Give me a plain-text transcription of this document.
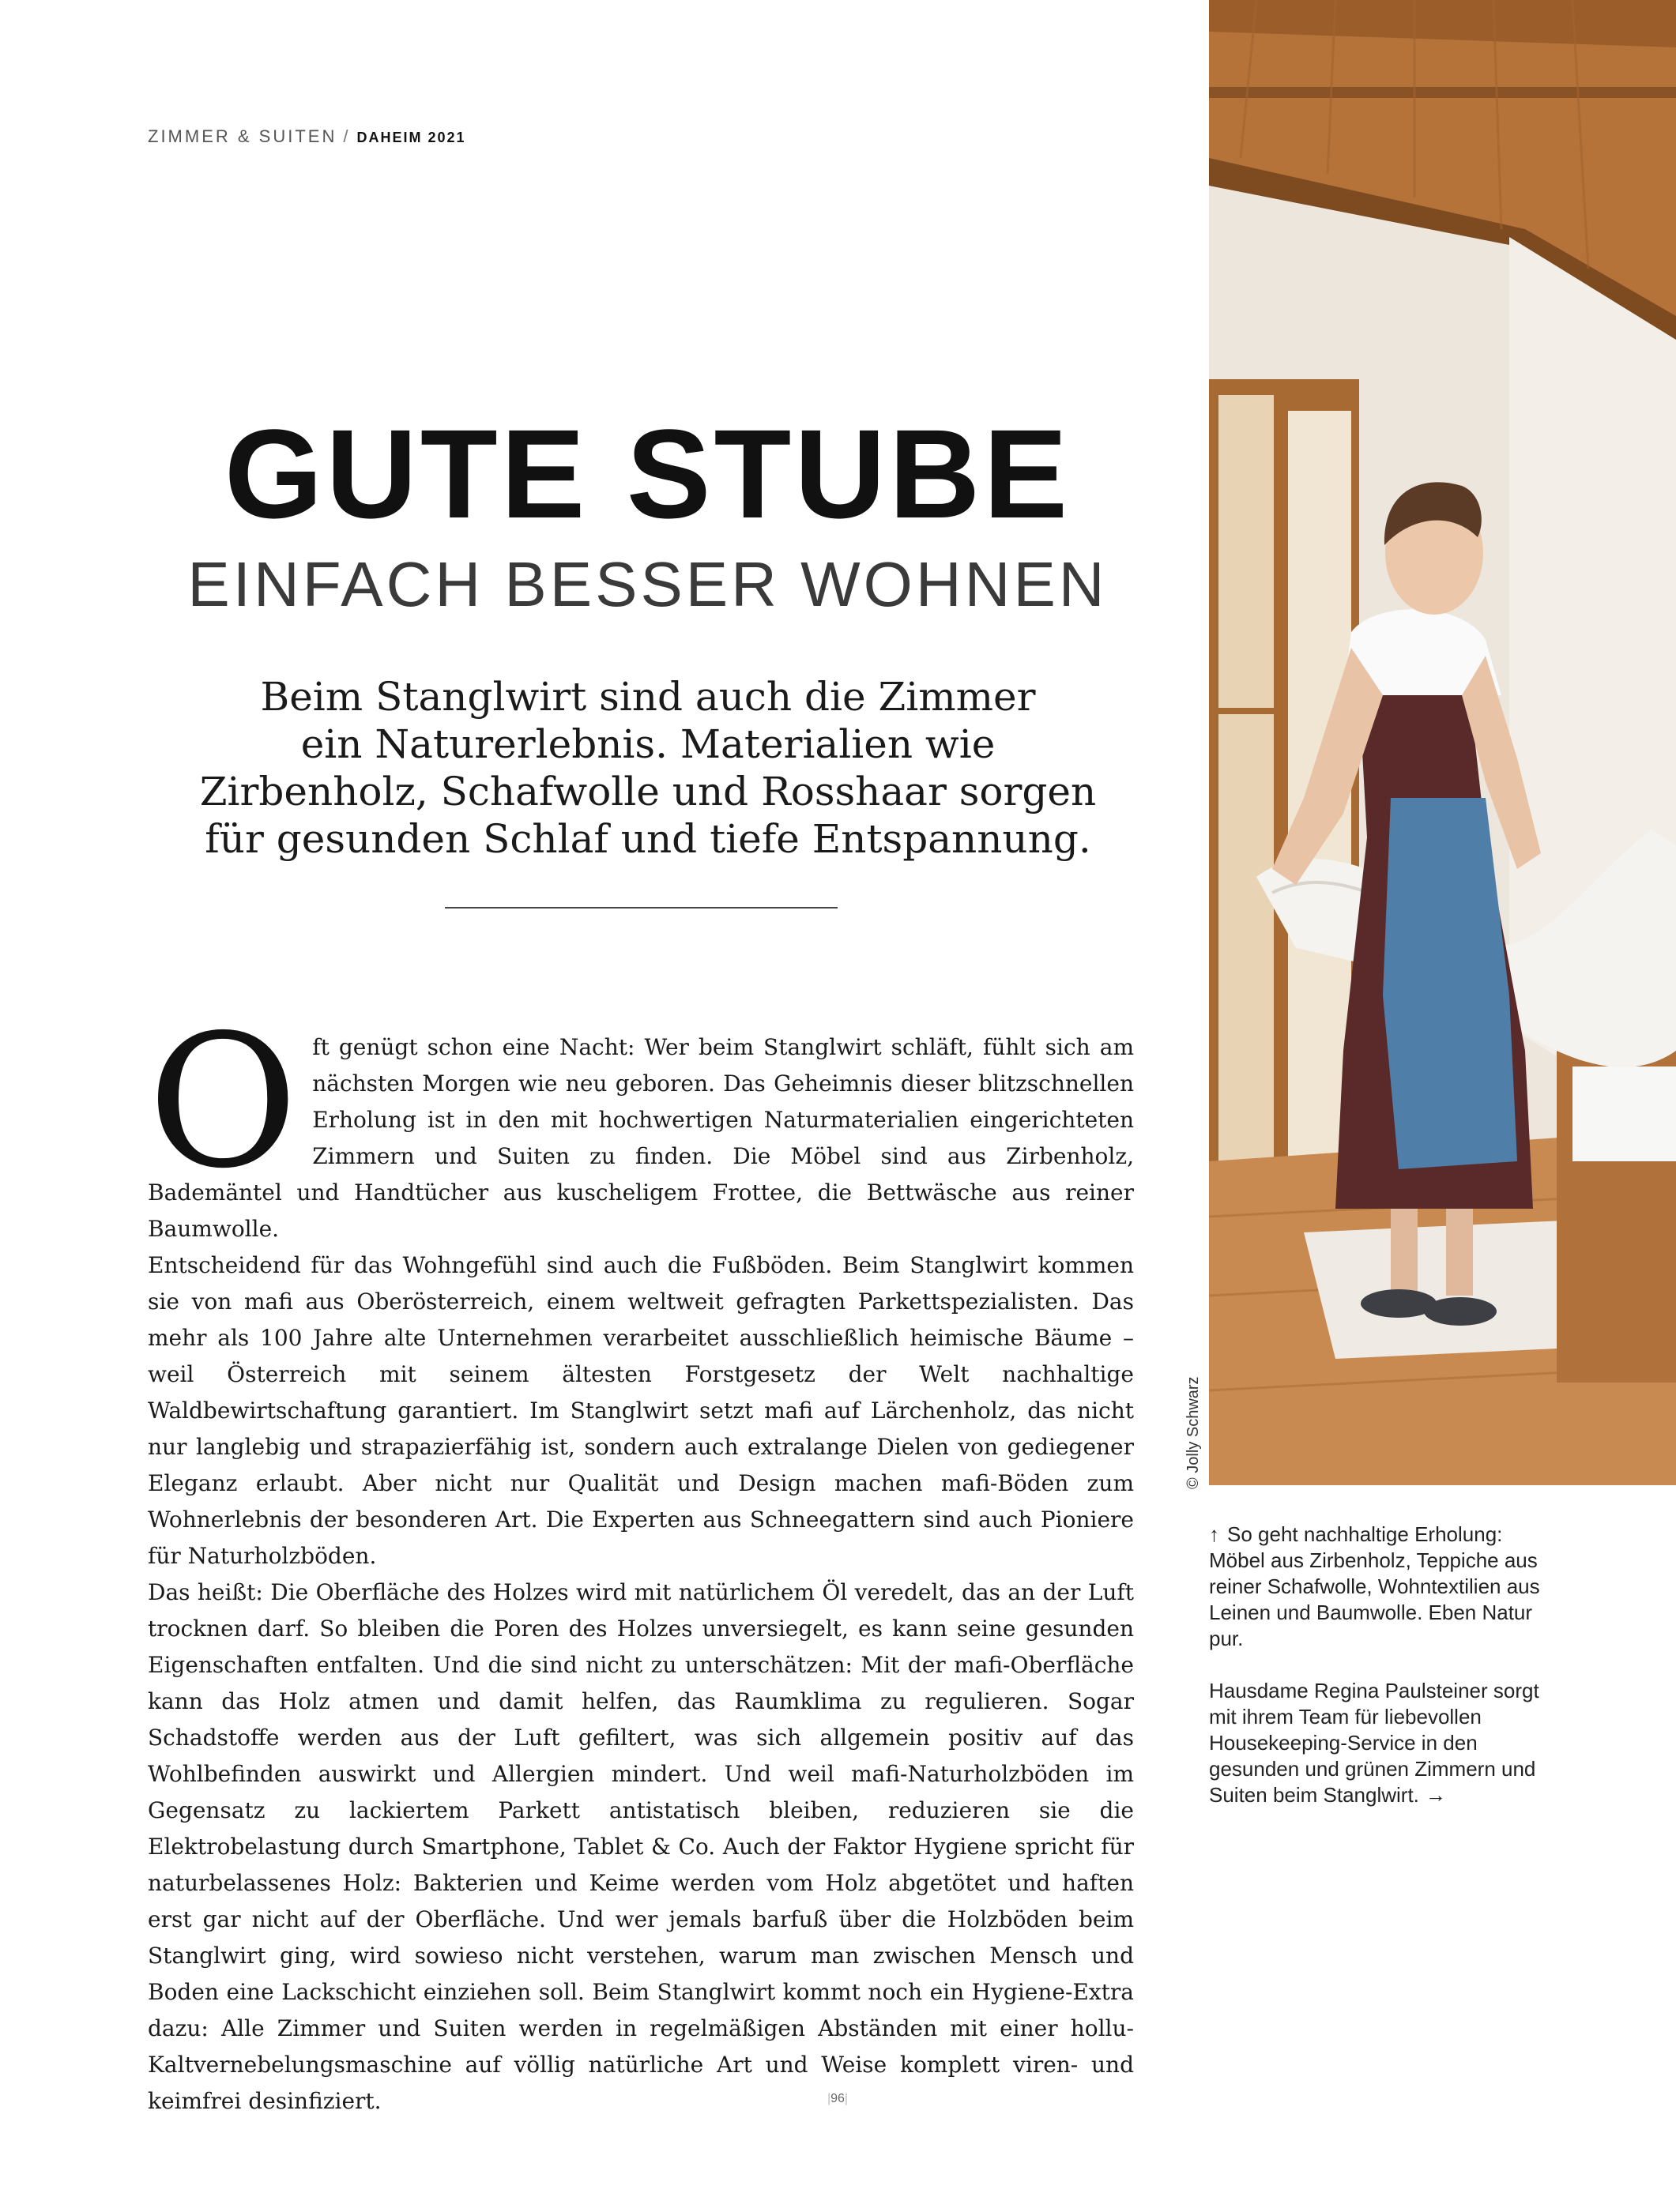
ZIMMER & SUITEN / DAHEIM 2021
GUTE STUBE
EINFACH BESSER WOHNEN
Beim Stanglwirt sind auch die Zimmer
ein Naturerlebnis. Materialien wie
Zirbenholz, Schafwolle und Rosshaar sorgen
für gesunden Schlaf und tiefe Entspannung.
O ft genügt schon eine Nacht: Wer beim Stanglwirt schläft, fühlt sich am nächsten Morgen wie neu geboren. Das Geheimnis dieser blitzschnellen Erholung ist in den mit hochwertigen Naturmaterialien eingerichteten Zimmern und Suiten zu finden. Die Möbel sind aus Zirbenholz, Bademäntel und Handtücher aus kuscheligem Frottee, die Bettwäsche aus reiner Baumwolle.

Entscheidend für das Wohngefühl sind auch die Fußböden. Beim Stanglwirt kommen sie von mafi aus Oberösterreich, einem weltweit gefragten Parkettspezialisten. Das mehr als 100 Jahre alte Unternehmen verarbeitet ausschließlich heimische Bäume – weil Österreich mit seinem ältesten Forstgesetz der Welt nachhaltige Waldbewirtschaftung garantiert. Im Stanglwirt setzt mafi auf Lärchenholz, das nicht nur langlebig und strapazierfähig ist, sondern auch extralange Dielen von gediegener Eleganz erlaubt. Aber nicht nur Qualität und Design machen mafi-Böden zum Wohnerlebnis der besonderen Art. Die Experten aus Schneegattern sind auch Pioniere für Naturholzböden.

Das heißt: Die Oberfläche des Holzes wird mit natürlichem Öl veredelt, das an der Luft trocknen darf. So bleiben die Poren des Holzes unversiegelt, es kann seine gesunden Eigenschaften entfalten. Und die sind nicht zu unterschätzen: Mit der mafi-Oberfläche kann das Holz atmen und damit helfen, das Raumklima zu regulieren. Sogar Schadstoffe werden aus der Luft gefiltert, was sich allgemein positiv auf das Wohlbefinden auswirkt und Allergien mindert. Und weil mafi-Naturholzböden im Gegensatz zu lackiertem Parkett antistatisch bleiben, reduzieren sie die Elektrobelastung durch Smartphone, Tablet & Co. Auch der Faktor Hygiene spricht für naturbelassenes Holz: Bakterien und Keime werden vom Holz abgetötet und haften erst gar nicht auf der Oberfläche. Und wer jemals barfuß über die Holzböden beim Stanglwirt ging, wird sowieso nicht verstehen, warum man zwischen Mensch und Boden eine Lackschicht einziehen soll. Beim Stanglwirt kommt noch ein Hygiene-Extra dazu: Alle Zimmer und Suiten werden in regelmäßigen Abständen mit einer hollu-Kaltvernebelungsmaschine auf völlig natürliche Art und Weise komplett viren- und keimfrei desinfiziert.

© Jolly Schwarz

↑ So geht nachhaltige Erholung: Möbel aus Zirbenholz, Teppiche aus reiner Schafwolle, Wohntextilien aus Leinen und Baumwolle. Eben Natur pur.

Hausdame Regina Paulsteiner sorgt mit ihrem Team für liebevollen Housekeeping-Service in den gesunden und grünen Zimmern und Suiten beim Stanglwirt. →

|96|
